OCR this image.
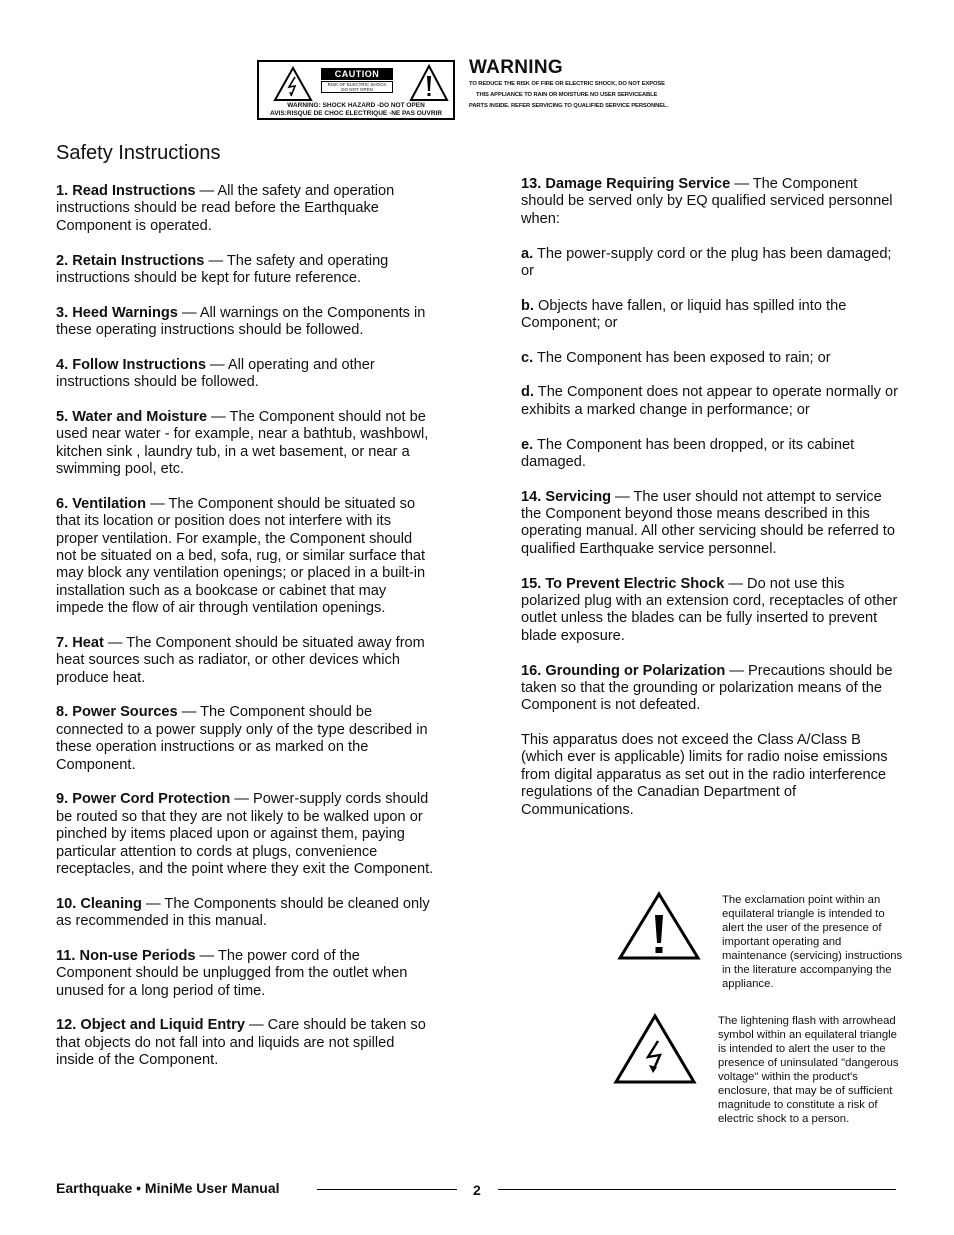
CAUTION
RISK OF ELECTRIC SHOCK
DO NOT OPEN
WARNING: SHOCK HAZARD -DO NOT OPEN
AVIS:RISQUE DE CHOC ELECTRIQUE -NE PAS OUVRIR
WARNING
TO REDUCE THE RISK OF FIRE OR ELECTRIC SHOCK, DO NOT EXPOSE
THIS APPLIANCE TO RAIN OR MOISTURE NO USER SERVICEABLE
PARTS INSIDE. REFER SERVICING TO QUALIFIED SERVICE PERSONNEL.
Safety Instructions

1. Read Instructions — All the safety and operation instructions should be read before the Earthquake Component is operated.

2. Retain Instructions — The safety and operating instructions should be kept for future reference.

3. Heed Warnings — All warnings on the Components in these operating instructions should be followed.

4. Follow Instructions — All operating and other instructions should be followed.

5. Water and Moisture — The Component should not be used near water - for example, near a bathtub, washbowl, kitchen sink , laundry tub, in a wet basement, or near a swimming pool, etc.

6. Ventilation — The Component should be situated so that its location or position does not interfere with its proper ventilation. For example, the Component should not be situated on a bed, sofa, rug, or similar surface that may block any ventilation openings; or placed in a built-in installation such as a bookcase or cabinet that may impede the flow of air through ventilation openings.

7. Heat — The Component should be situated away from heat sources such as radiator, or other devices which produce heat.

8. Power Sources — The Component should be connected to a power supply only of the type described in these operation instructions or as marked on the Component.

9. Power Cord Protection — Power-supply cords should be routed so that they are not likely to be walked upon or pinched by items placed upon or against them, paying particular attention to cords at plugs, convenience receptacles, and the point where they exit the Component.

10. Cleaning — The Components should be cleaned only as recommended in this manual.

11. Non-use Periods — The power cord of the Component should be unplugged from the outlet when unused for a long period of time.

12. Object and Liquid Entry — Care should be taken so that objects do not fall into and liquids are not spilled inside of the Component.

13. Damage Requiring Service — The Component should be served only by EQ qualified serviced personnel when:

a. The power-supply cord or the plug has been damaged; or

b. Objects have fallen, or liquid has spilled into the Component; or

c. The Component has been exposed to rain; or

d. The Component does not appear to operate normally or exhibits a marked change in performance; or

e. The Component has been dropped, or its cabinet damaged.

14. Servicing — The user should not attempt to service the Component beyond those means described in this operating manual. All other servicing should be referred to qualified Earthquake service personnel.

15. To Prevent Electric Shock — Do not use this polarized plug with an extension cord, receptacles of other outlet unless the blades can be fully inserted to prevent blade exposure.

16. Grounding or Polarization — Precautions should be taken so that the grounding or polarization means of the Component is not defeated.

This apparatus does not exceed the Class A/Class B (which ever is applicable) limits for radio noise emissions from digital apparatus as set out in the radio interference regulations of the Canadian Department of Communications.

The exclamation point within an equilateral triangle is intended to alert the user of the presence of important operating and maintenance (servicing) instructions in the literature accompanying the appliance.
The lightening flash with arrowhead symbol within an equilateral triangle is intended to alert the user to the presence of uninsulated "dangerous voltage" within the product's enclosure, that may be of sufficient magnitude to constitute a risk of electric shock to a person.
Earthquake • MiniMe User Manual	2
